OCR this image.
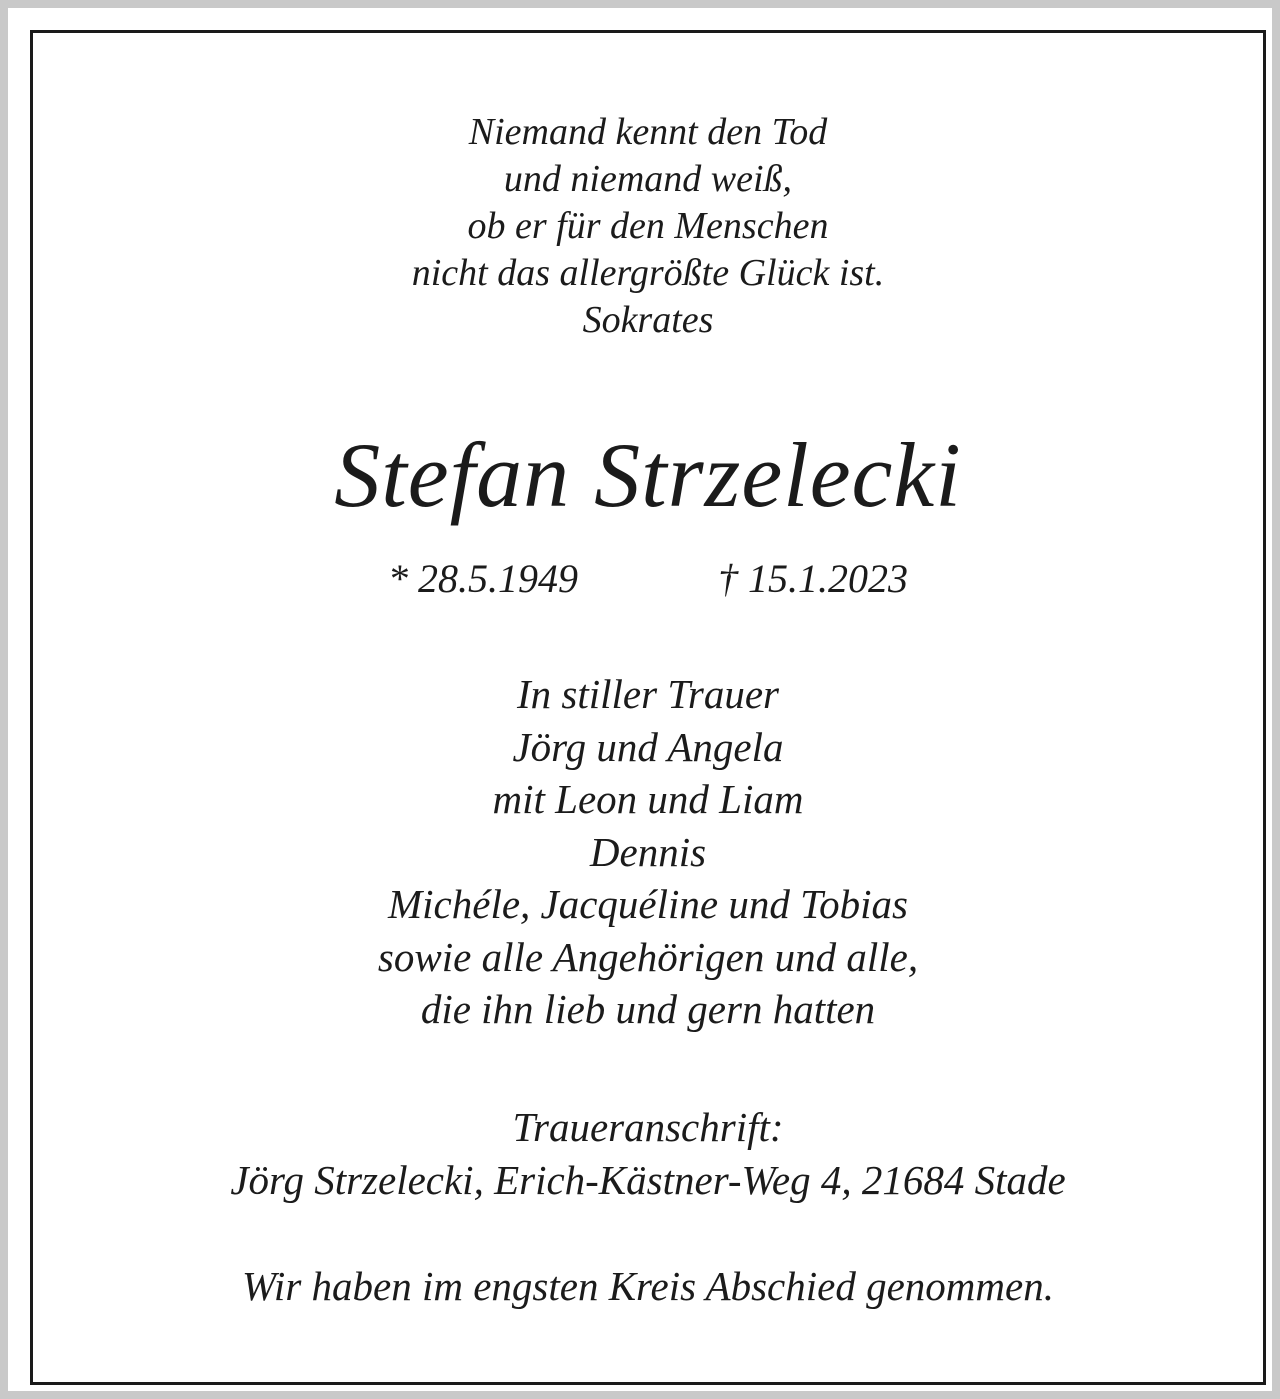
Niemand kennt den Tod
und niemand weiß,
ob er für den Menschen
nicht das allergrößte Glück ist.
Sokrates
Stefan Strzelecki
* 28.5.1949	† 15.1.2023
In stiller Trauer
Jörg und Angela
mit Leon und Liam
Dennis
Michéle, Jacquéline und Tobias
sowie alle Angehörigen und alle,
die ihn lieb und gern hatten
Traueranschrift:
Jörg Strzelecki, Erich-Kästner-Weg 4, 21684 Stade
Wir haben im engsten Kreis Abschied genommen.
